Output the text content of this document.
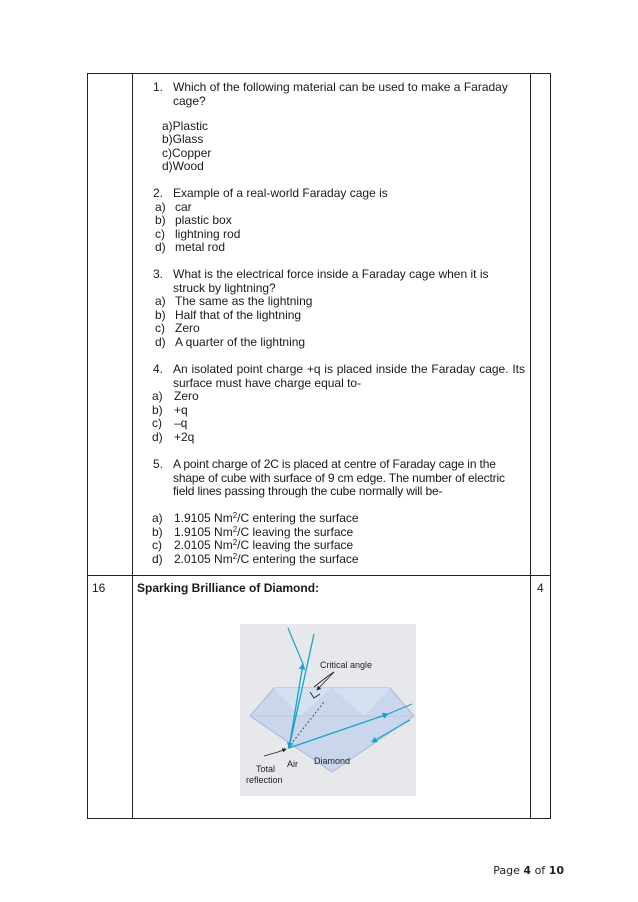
1. Which of the following material can be used to make a Faraday cage?
a)Plastic
b)Glass
c)Copper
d)Wood
2. Example of a real-world Faraday cage is
a) car
b) plastic box
c) lightning rod
d) metal rod
3. What is the electrical force inside a Faraday cage when it is struck by lightning?
a) The same as the lightning
b) Half that of the lightning
c) Zero
d) A quarter of the lightning
4. An isolated point charge +q is placed inside the Faraday cage. Its surface must have charge equal to-
a) Zero
b) +q
c) –q
d) +2q
5. A point charge of 2C is placed at centre of Faraday cage in the shape of cube with surface of 9 cm edge. The number of electric field lines passing through the cube normally will be-
a) 1.9105 Nm$^2$/C entering the surface
b) 1.9105 Nm$^2$/C leaving the surface
c) 2.0105 Nm$^2$/C leaving the surface
d) 2.0105 Nm$^2$/C entering the surface
16	Sparking Brilliance of Diamond:	4
Critical angle
Diamond
Air
Total
reflection
Page 4 of 10
